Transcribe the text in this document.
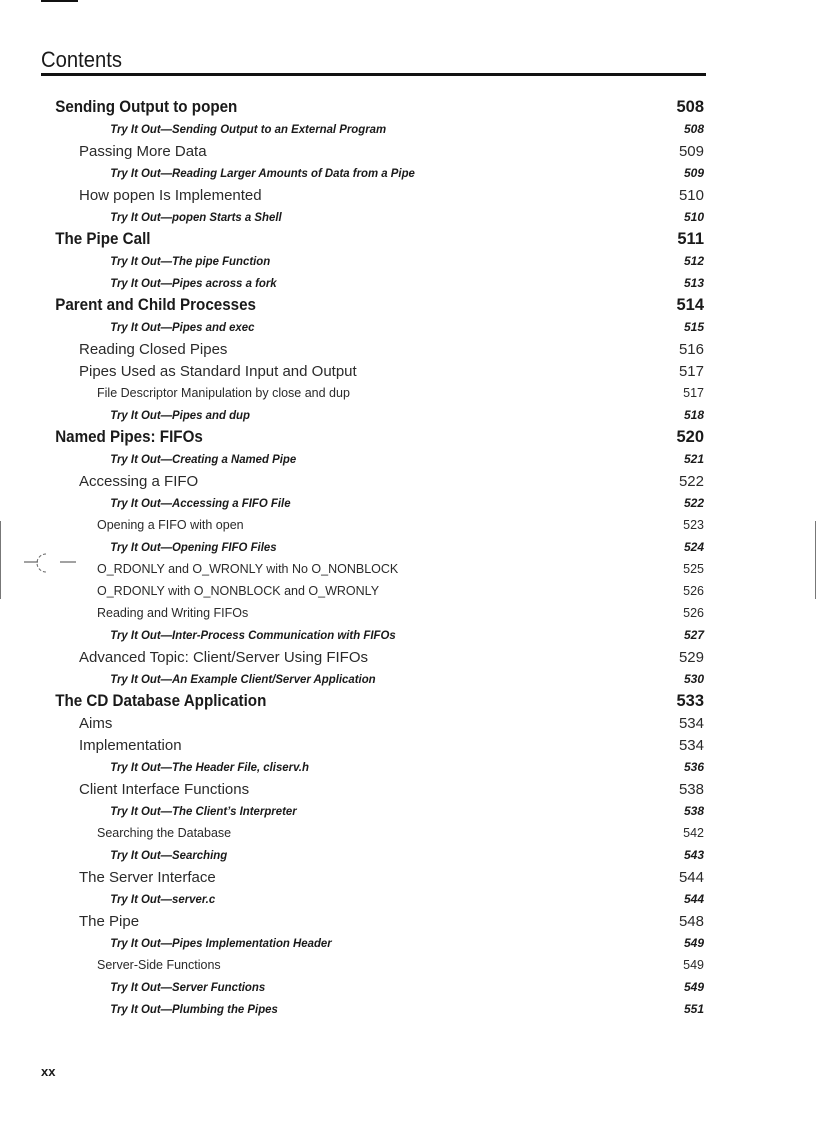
Contents
Sending Output to popen	508
Try It Out—Sending Output to an External Program	508
Passing More Data	509
Try It Out—Reading Larger Amounts of Data from a Pipe	509
How popen Is Implemented	510
Try It Out—popen Starts a Shell	510
The Pipe Call	511
Try It Out—The pipe Function	512
Try It Out—Pipes across a fork	513
Parent and Child Processes	514
Try It Out—Pipes and exec	515
Reading Closed Pipes	516
Pipes Used as Standard Input and Output	517
File Descriptor Manipulation by close and dup	517
Try It Out—Pipes and dup	518
Named Pipes: FIFOs	520
Try It Out—Creating a Named Pipe	521
Accessing a FIFO	522
Try It Out—Accessing a FIFO File	522
Opening a FIFO with open	523
Try It Out—Opening FIFO Files	524
O_RDONLY and O_WRONLY with No O_NONBLOCK	525
O_RDONLY with O_NONBLOCK and O_WRONLY	526
Reading and Writing FIFOs	526
Try It Out—Inter-Process Communication with FIFOs	527
Advanced Topic: Client/Server Using FIFOs	529
Try It Out—An Example Client/Server Application	530
The CD Database Application	533
Aims	534
Implementation	534
Try It Out—The Header File, cliserv.h	536
Client Interface Functions	538
Try It Out—The Client’s Interpreter	538
Searching the Database	542
Try It Out—Searching	543
The Server Interface	544
Try It Out—server.c	544
The Pipe	548
Try It Out—Pipes Implementation Header	549
Server-Side Functions	549
Try It Out—Server Functions	549
Try It Out—Plumbing the Pipes	551

xx
